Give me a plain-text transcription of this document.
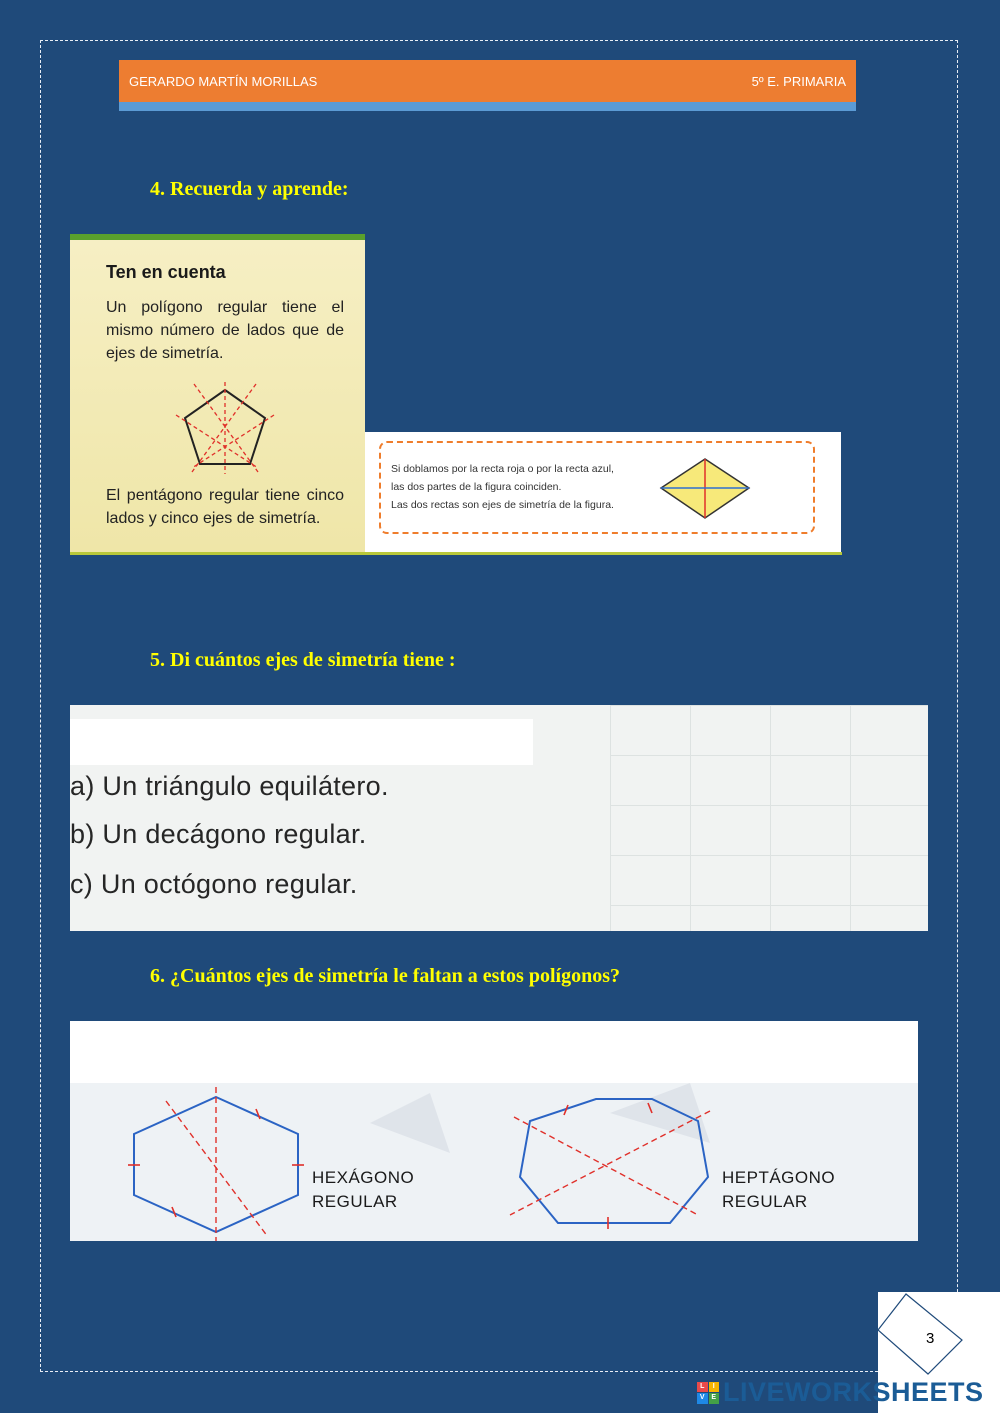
GERARDO MARTÍN MORILLAS	5º E. PRIMARIA
4. Recuerda y aprende:
Ten en cuenta
Un polígono regular tiene el mismo número de lados que de ejes de simetría.
El pentágono regular tiene cinco lados y cinco ejes de simetría.
Si doblamos por la recta roja o por la recta azul,
las dos partes de la figura coinciden.
Las dos rectas son ejes de simetría de la figura.
5. Di cuántos ejes de simetría tiene :
a) Un triángulo equilátero.
b) Un decágono regular.
c) Un octógono regular.
6. ¿Cuántos ejes de simetría le faltan a estos polígonos?
HEXÁGONO
REGULAR
HEPTÁGONO
REGULAR
3
L	I
V E LIVEWORKSHEETS
